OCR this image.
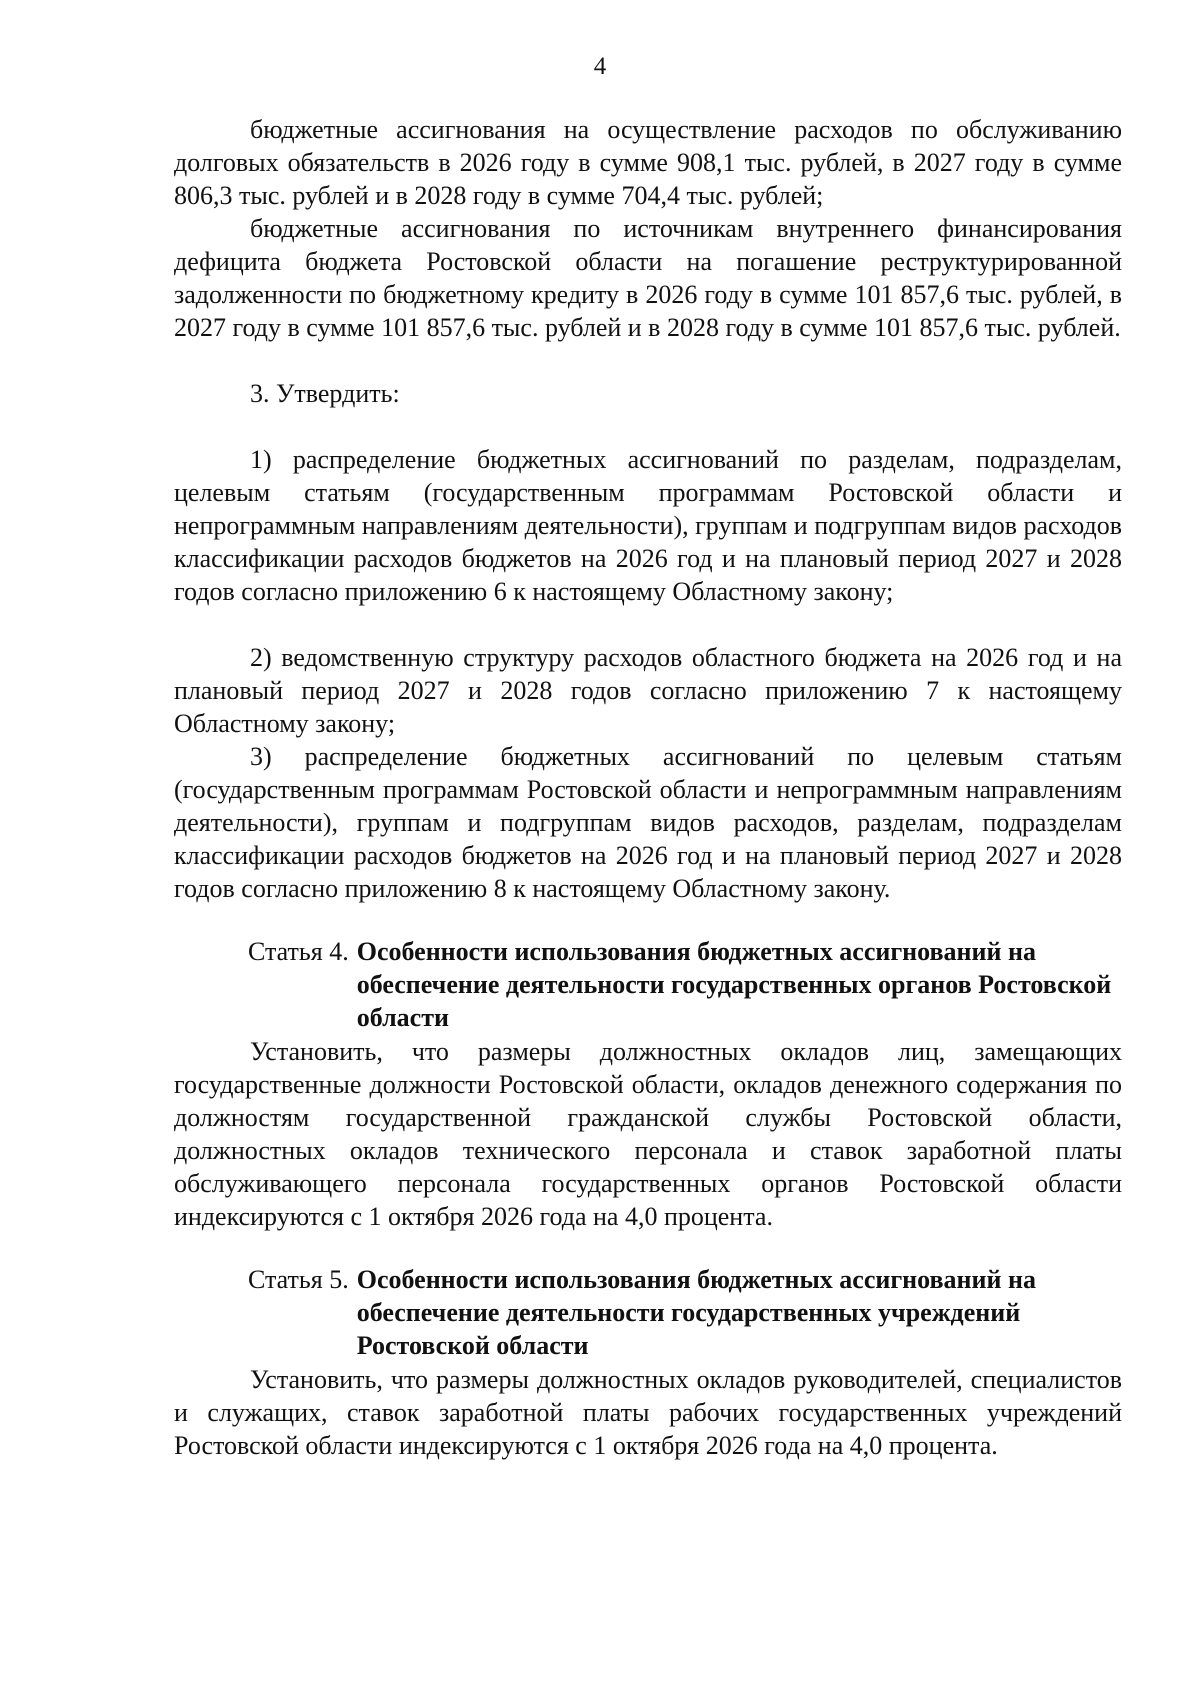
4

бюджетные ассигнования на осуществление расходов по обслуживанию долговых обязательств в 2026 году в сумме 908,1 тыс. рублей, в 2027 году в сумме 806,3 тыс. рублей и в 2028 году в сумме 704,4 тыс. рублей;

бюджетные ассигнования по источникам внутреннего финансирования дефицита бюджета Ростовской области на погашение реструктурированной задолженности по бюджетному кредиту в 2026 году в сумме 101 857,6 тыс. рублей, в 2027 году в сумме 101 857,6 тыс. рублей и в 2028 году в сумме 101 857,6 тыс. рублей.

3. Утвердить:

1) распределение бюджетных ассигнований по разделам, подразделам, целевым статьям (государственным программам Ростовской области и непрограммным направлениям деятельности), группам и подгруппам видов расходов классификации расходов бюджетов на 2026 год и на плановый период 2027 и 2028 годов согласно приложению 6 к настоящему Областному закону;

2) ведомственную структуру расходов областного бюджета на 2026 год и на плановый период 2027 и 2028 годов согласно приложению 7 к настоящему Областному закону;

3) распределение бюджетных ассигнований по целевым статьям (государственным программам Ростовской области и непрограммным направлениям деятельности), группам и подгруппам видов расходов, разделам, подразделам классификации расходов бюджетов на 2026 год и на плановый период 2027 и 2028 годов согласно приложению 8 к настоящему Областному закону.

Статья 4. Особенности использования бюджетных ассигнований на обеспечение деятельности государственных органов Ростовской области

Установить, что размеры должностных окладов лиц, замещающих государственные должности Ростовской области, окладов денежного содержания по должностям государственной гражданской службы Ростовской области, должностных окладов технического персонала и ставок заработной платы обслуживающего персонала государственных органов Ростовской области индексируются с 1 октября 2026 года на 4,0 процента.

Статья 5. Особенности использования бюджетных ассигнований на обеспечение деятельности государственных учреждений Ростовской области

Установить, что размеры должностных окладов руководителей, специалистов и служащих, ставок заработной платы рабочих государственных учреждений Ростовской области индексируются с 1 октября 2026 года на 4,0 процента.
